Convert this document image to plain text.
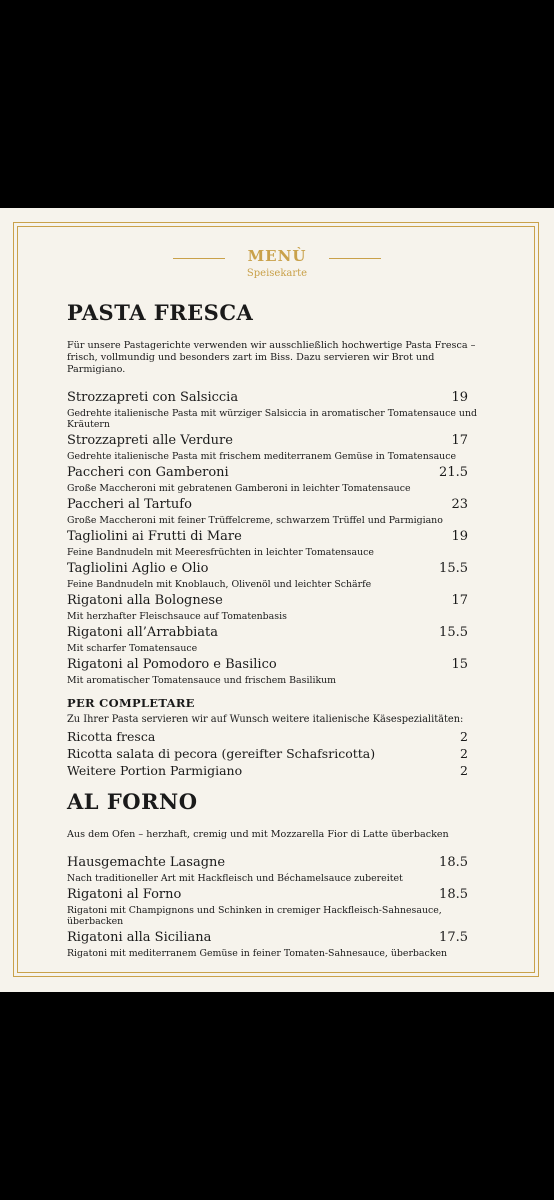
MENÙ
Speisekarte
PASTA FRESCA
Für unsere Pastagerichte verwenden wir ausschließlich hochwertige Pasta Fresca – frisch, vollmundig und besonders zart im Biss. Dazu servieren wir Brot und Parmigiano.
Strozzapreti con Salsiccia	19
Gedrehte italienische Pasta mit würziger Salsiccia in aromatischer Tomatensauce und Kräutern
Strozzapreti alle Verdure	17
Gedrehte italienische Pasta mit frischem mediterranem Gemüse in Tomatensauce
Paccheri con Gamberoni	21.5
Große Maccheroni mit gebratenen Gamberoni in leichter Tomatensauce
Paccheri al Tartufo	23
Große Maccheroni mit feiner Trüffelcreme, schwarzem Trüffel und Parmigiano
Tagliolini ai Frutti di Mare	19
Feine Bandnudeln mit Meeresfrüchten in leichter Tomatensauce
Tagliolini Aglio e Olio	15.5
Feine Bandnudeln mit Knoblauch, Olivenöl und leichter Schärfe
Rigatoni alla Bolognese	17
Mit herzhafter Fleischsauce auf Tomatenbasis
Rigatoni all’Arrabbiata	15.5
Mit scharfer Tomatensauce
Rigatoni al Pomodoro e Basilico	15
Mit aromatischer Tomatensauce und frischem Basilikum
PER COMPLETARE
Zu Ihrer Pasta servieren wir auf Wunsch weitere italienische Käsespezialitäten:
Ricotta fresca	2
Ricotta salata di pecora (gereifter Schafsricotta)	2
Weitere Portion Parmigiano	2
AL FORNO
Aus dem Ofen – herzhaft, cremig und mit Mozzarella Fior di Latte überbacken
Hausgemachte Lasagne	18.5
Nach traditioneller Art mit Hackfleisch und Béchamelsauce zubereitet
Rigatoni al Forno	18.5
Rigatoni mit Champignons und Schinken in cremiger Hackfleisch-Sahnesauce, überbacken
Rigatoni alla Siciliana	17.5
Rigatoni mit mediterranem Gemüse in feiner Tomaten-Sahnesauce, überbacken
